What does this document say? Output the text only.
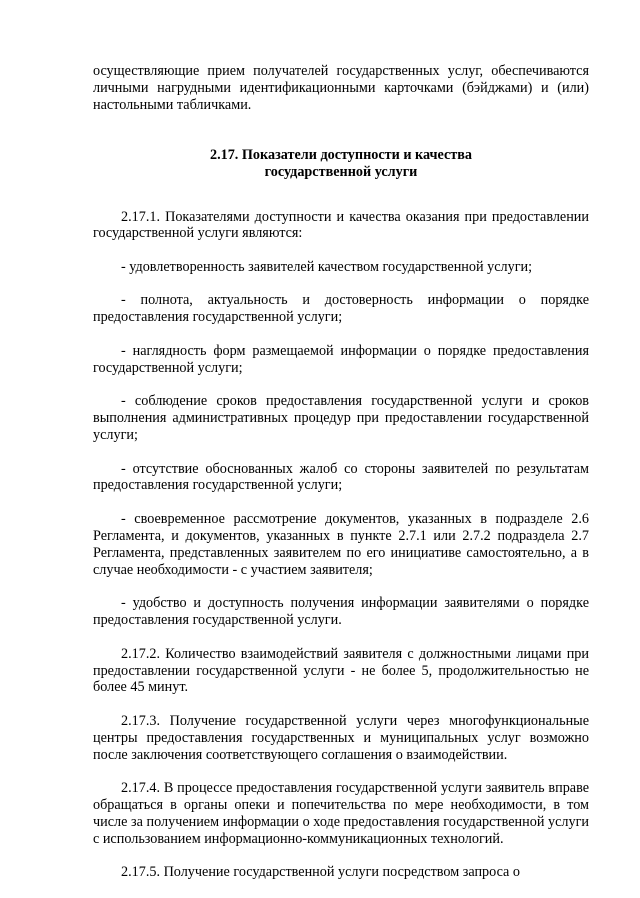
осуществляющие прием получателей государственных услуг, обеспечиваются личными нагрудными идентификационными карточками (бэйджами) и (или) настольными табличками.

2.17. Показатели доступности и качества
государственной услуги

2.17.1. Показателями доступности и качества оказания при предоставлении государственной услуги являются:

- удовлетворенность заявителей качеством государственной услуги;

- полнота, актуальность и достоверность информации о порядке предоставления государственной услуги;

- наглядность форм размещаемой информации о порядке предоставления государственной услуги;

- соблюдение сроков предоставления государственной услуги и сроков выполнения административных процедур при предоставлении государственной услуги;

- отсутствие обоснованных жалоб со стороны заявителей по результатам предоставления государственной услуги;

- своевременное рассмотрение документов, указанных в подразделе 2.6 Регламента, и документов, указанных в пункте 2.7.1 или 2.7.2 подраздела 2.7 Регламента, представленных заявителем по его инициативе самостоятельно, а в случае необходимости - с участием заявителя;

- удобство и доступность получения информации заявителями о порядке предоставления государственной услуги.

2.17.2. Количество взаимодействий заявителя с должностными лицами при предоставлении государственной услуги - не более 5, продолжительностью не более 45 минут.

2.17.3. Получение государственной услуги через многофункциональные центры предоставления государственных и муниципальных услуг возможно после заключения соответствующего соглашения о взаимодействии.

2.17.4. В процессе предоставления государственной услуги заявитель вправе обращаться в органы опеки и попечительства по мере необходимости, в том числе за получением информации о ходе предоставления государственной услуги с использованием информационно-коммуникационных технологий.

2.17.5. Получение государственной услуги посредством запроса о
